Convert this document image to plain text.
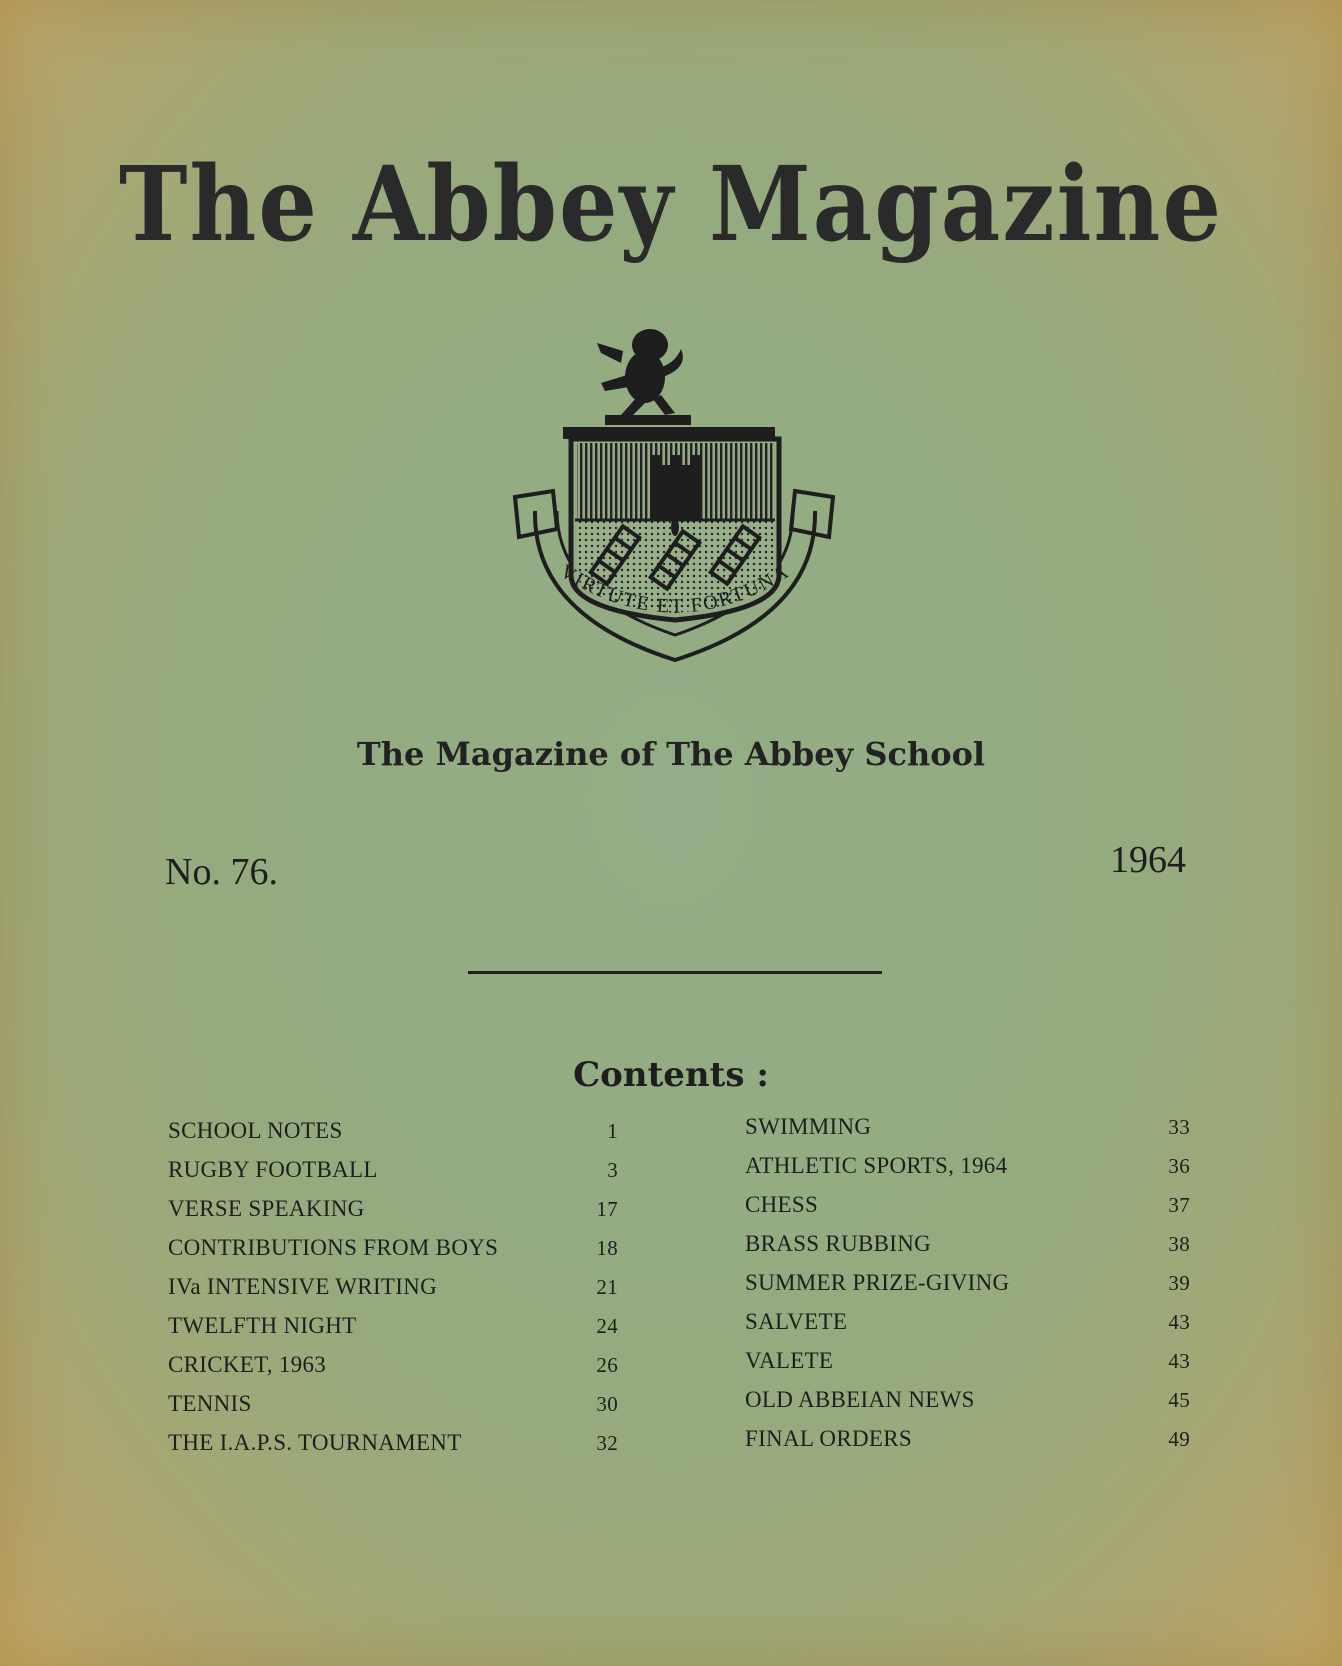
The Abbey Magazine
VIRTUTE ET FORTUNA
The Magazine of The Abbey School
No. 76.	1964
Contents :
SCHOOL NOTES	1
RUGBY FOOTBALL	3
VERSE SPEAKING	17
CONTRIBUTIONS FROM BOYS	18
IVa INTENSIVE WRITING	21
TWELFTH NIGHT	24
CRICKET, 1963	26
TENNIS	30
THE I.A.P.S. TOURNAMENT	32
SWIMMING	33
ATHLETIC SPORTS, 1964	36
CHESS	37
BRASS RUBBING	38
SUMMER PRIZE-GIVING	39
SALVETE	43
VALETE	43
OLD ABBEIAN NEWS	45
FINAL ORDERS	49
